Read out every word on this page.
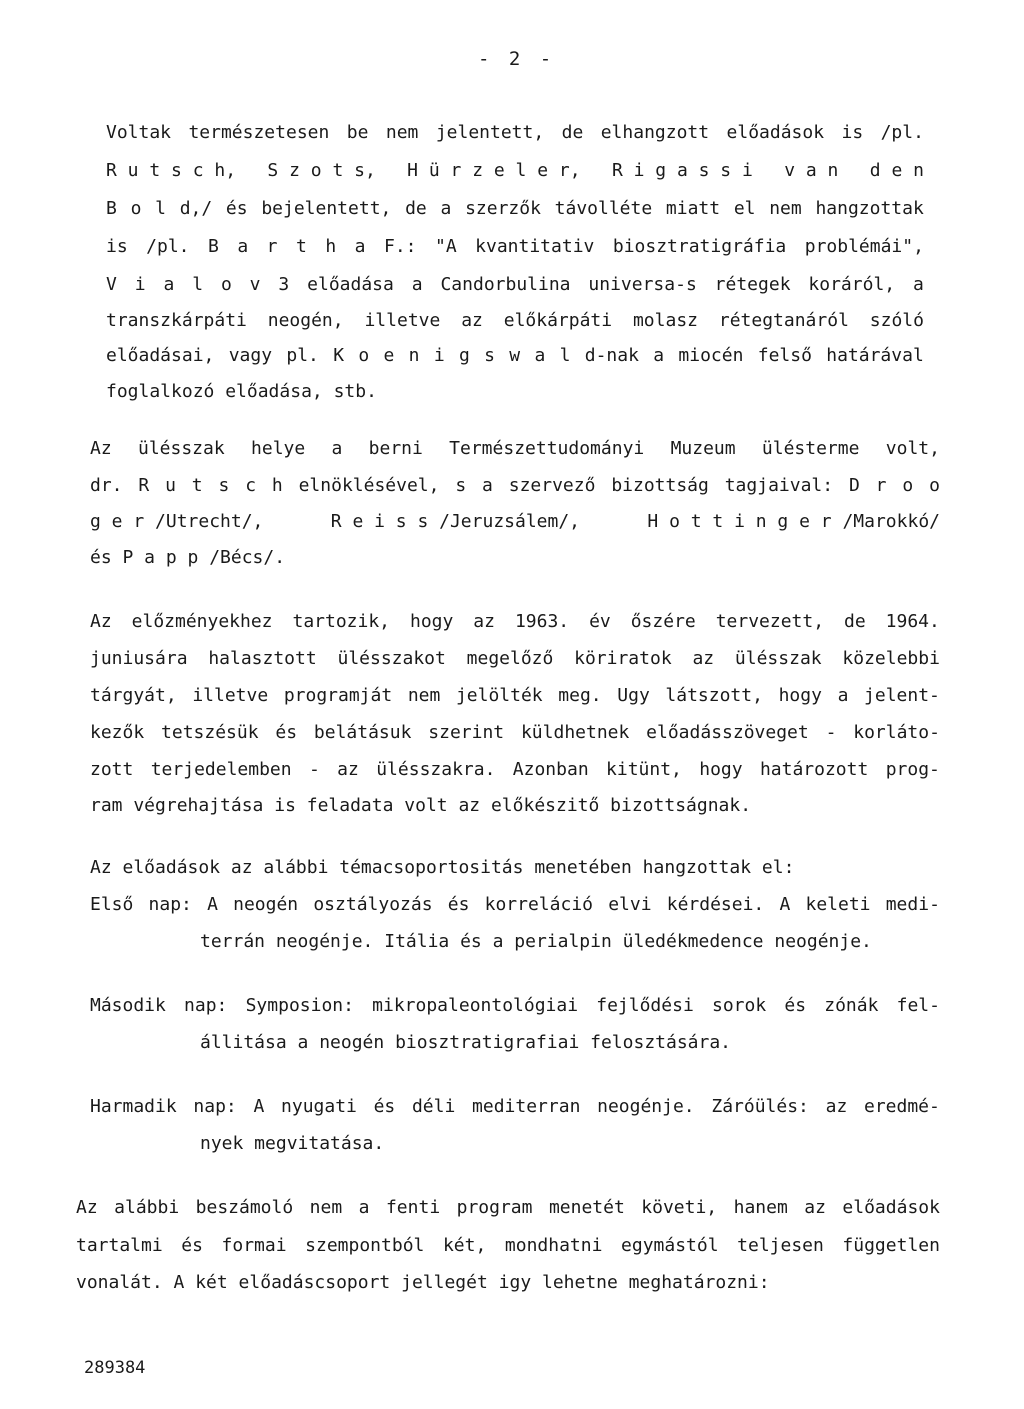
- 2 -
Voltak természetesen be nem jelentett, de elhangzott előadások is /pl.
R u t s c h, S z o t s, H ü r z e l e r, R i g a s s i v a n d e n
B o l d,/ és bejelentett, de a szerzők távolléte miatt el nem hangzottak
is /pl. B a r t h a F.: "A kvantitativ biosztratigráfia problémái",
V i a l o v 3 előadása a Candorbulina universa-s rétegek koráról, a
transzkárpáti neogén, illetve az előkárpáti molasz rétegtanáról szóló
előadásai, vagy pl. K o e n i g s w a l d-nak a miocén felső határával
foglalkozó előadása, stb.
Az ülésszak helye a berni Természettudományi Muzeum ülésterme volt,
dr. R u t s c h elnöklésével, s a szervező bizottság tagjaival: D r o o
g e r /Utrecht/,	R e i s s /Jeruzsálem/,	H o t t i n g e r /Marokkó/
és P a p p /Bécs/.
Az előzményekhez tartozik, hogy az 1963. év őszére tervezett, de 1964.
juniusára halasztott ülésszakot megelőző köriratok az ülésszak közelebbi
tárgyát, illetve programját nem jelölték meg. Ugy látszott, hogy a jelent-
kezők tetszésük és belátásuk szerint küldhetnek előadásszöveget - korláto-
zott terjedelemben - az ülésszakra. Azonban kitünt, hogy határozott prog-
ram végrehajtása is feladata volt az előkészitő bizottságnak.
Az előadások az alábbi témacsoportositás menetében hangzottak el:
Első nap: A neogén osztályozás és korreláció elvi kérdései. A keleti medi-
terrán neogénje. Itália és a perialpin üledékmedence neogénje.
Második nap: Symposion: mikropaleontológiai fejlődési sorok és zónák fel-
állitása a neogén biosztratigrafiai felosztására.
Harmadik nap: A nyugati és déli mediterran neogénje. Záróülés: az eredmé-
nyek megvitatása.
Az alábbi beszámoló nem a fenti program menetét követi, hanem az előadások
tartalmi és formai szempontból két, mondhatni egymástól teljesen független
vonalát. A két előadáscsoport jellegét igy lehetne meghatározni:
289384
